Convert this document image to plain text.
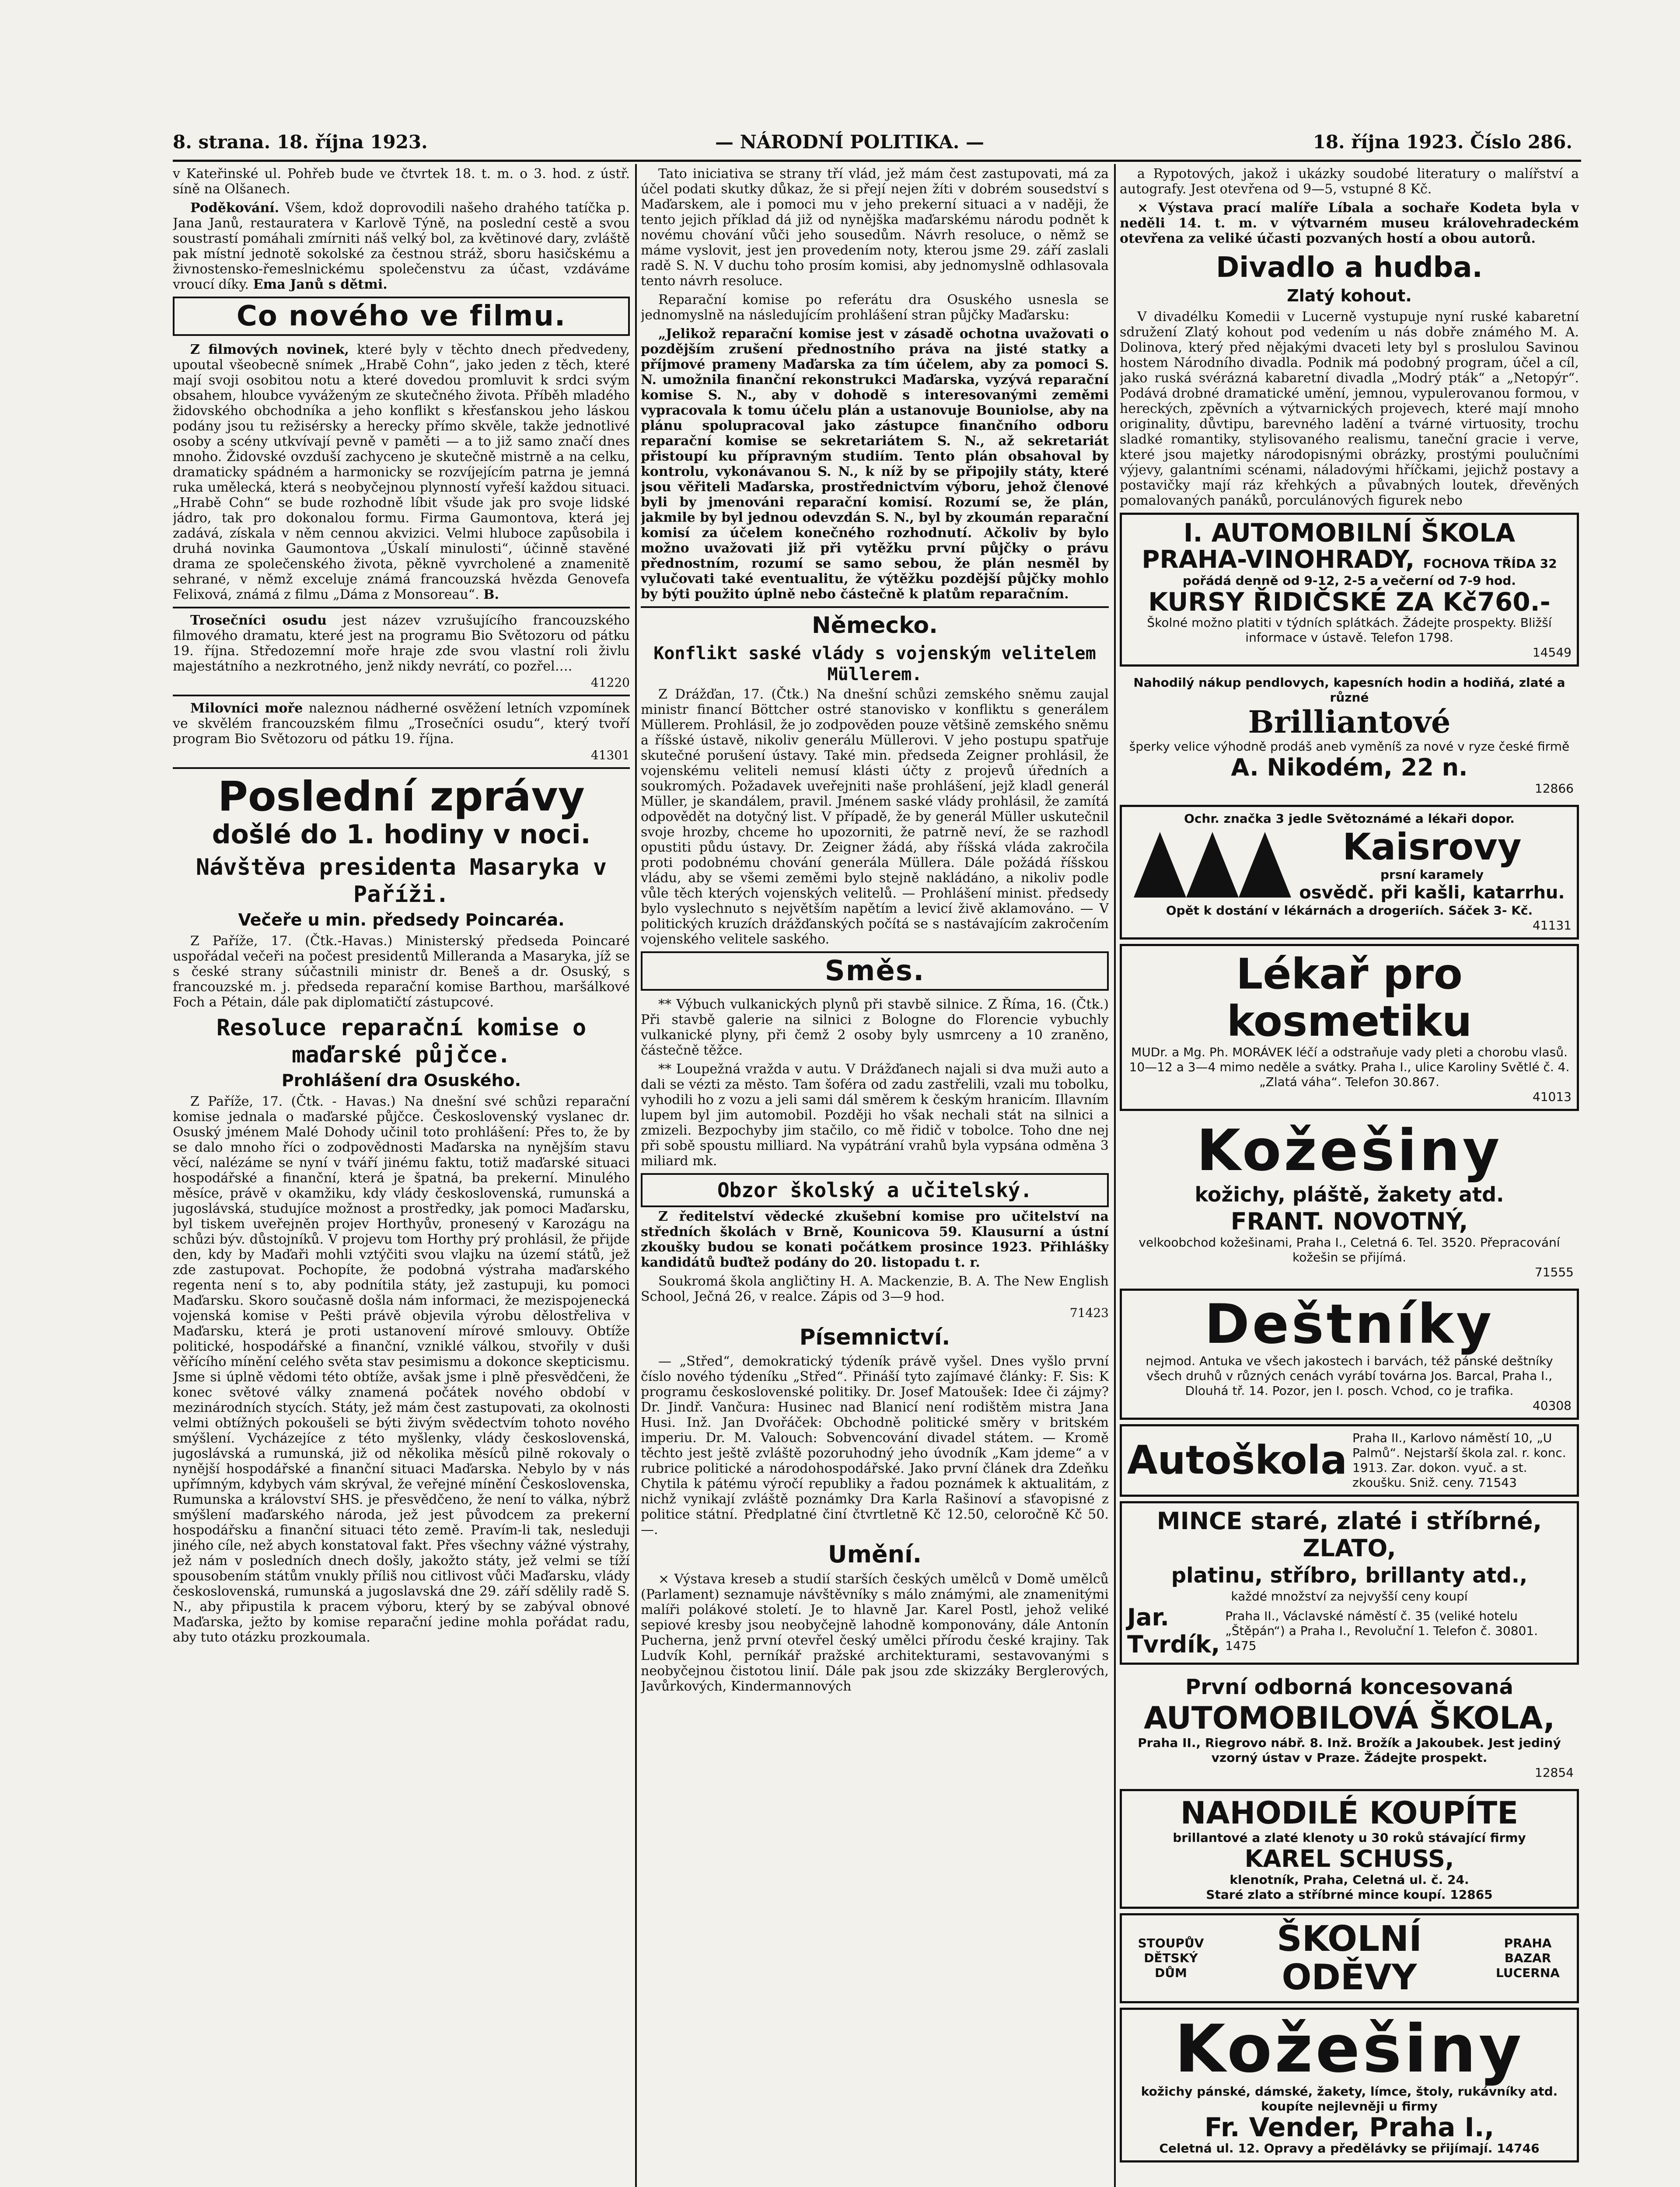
8. strana. 18. října 1923.	— NÁRODNÍ POLITIKA. —	18. října 1923. Číslo 286.

v Kateřinské ul. Pohřeb bude ve čtvrtek 18. t. m. o 3. hod. z ústř. síně na Olšanech.

Poděkování. Všem, kdož doprovodili našeho drahého tatíčka p. Jana Janů, restauratera v Karlově Týně, na poslední cestě a svou soustrastí pomáhali zmírniti náš velký bol, za květinové dary, zvláště pak místní jednotě sokolské za čestnou stráž, sboru hasičskému a živnostensko-řemeslnickému společenstvu za účast, vzdáváme vroucí díky. Ema Janů s dětmi.

Co nového ve filmu.

Z filmových novinek, které byly v těchto dnech předvedeny, upoutal všeobecně snímek „Hrabě Cohn“, jako jeden z těch, které mají svoji osobitou notu a které dovedou promluvit k srdci svým obsahem, hloubce vyváženým ze skutečného života. Příběh mladého židovského obchodníka a jeho konflikt s křesťanskou jeho láskou podány jsou tu režisérsky a herecky přímo skvěle, takže jednotlivé osoby a scény utkvívají pevně v paměti — a to již samo značí dnes mnoho. Židovské ovzduší zachyceno je skutečně mistrně a na celku, dramaticky spádném a harmonicky se rozvíjejícím patrna je jemná ruka umělecká, která s neobyčejnou plynností vyřeší každou situaci. „Hrabě Cohn“ se bude rozhodně líbit všude jak pro svoje lidské jádro, tak pro dokonalou formu. Firma Gaumontova, která jej zadává, získala v něm cennou akvizici. Velmi hluboce zapůsobila i druhá novinka Gaumontova „Úskalí minulosti“, účinně stavěné drama ze společenského života, pěkně vyvrcholené a znamenitě sehrané, v němž exceluje známá francouzská hvězda Genovefa Felixová, známá z filmu „Dáma z Monsoreau“. B.

Trosečníci osudu jest název vzrušujícího francouzského filmového dramatu, které jest na programu Bio Světozoru od pátku 19. října. Středozemní moře hraje zde svou vlastní roli živlu majestátního a nezkrotného, jenž nikdy nevrátí, co pozřel….

41220

Milovníci moře naleznou nádherné osvěžení letních vzpomínek ve skvělém francouzském filmu „Trosečníci osudu“, který tvoří program Bio Světozoru od pátku 19. října.

41301

Poslední zprávy
došlé do 1. hodiny v noci.
Návštěva presidenta Masaryka v Paříži.
Večeře u min. předsedy Poincaréa.

Z Paříže, 17. (Čtk.-Havas.) Ministerský předseda Poincaré uspořádal večeři na počest presidentů Millerandа a Masaryka, jíž se s české strany súčastnili ministr dr. Beneš a dr. Osuský, s francouzské m. j. předseda reparační komise Barthou, maršálkové Foch a Pétain, dále pak diplomatičtí zástupcové.

Resoluce reparační komise o maďarské půjčce.
Prohlášení dra Osuského.

Z Paříže, 17. (Čtk. - Havas.) Na dnešní své schůzi reparační komise jednala o maďarské půjčce. Československý vyslanec dr. Osuský jménem Malé Dohody učinil toto prohlášení: Přes to, že by se dalo mnoho říci o zodpovědnosti Maďarska na nynějším stavu věcí, nalézáme se nyní v tváří jinému faktu, totiž maďarské situaci hospodářské a finanční, která je špatná, ba prekerní. Minulého měsíce, právě v okamžiku, kdy vlády československá, rumunská a jugoslávská, studujíce možnost a prostředky, jak pomoci Maďarsku, byl tiskem uveřejněn projev Horthyův, pronesený v Karozágu na schůzi býv. důstojníků. V projevu tom Horthy prý prohlásil, že přijde den, kdy by Maďaři mohli vztýčiti svou vlajku na území států, jež zde zastupovat. Pochopíte, že podobná výstraha maďarského regenta není s to, aby podnítila státy, jež zastupuji, ku pomoci Maďarsku. Skoro současně došla nám informaci, že mezispojenecká vojenská komise v Pešti právě objevila výrobu dělostřeliva v Maďarsku, která je proti ustanovení mírové smlouvy. Obtíže politické, hospodářské a finanční, vzniklé válkou, stvořily v duši věřícího mínění celého světa stav pesimismu a dokonce skepticismu. Jsme si úplně vědomi této obtíže, avšak jsme i plně přesvědčeni, že konec světové války znamená počátek nového období v mezinárodních stycích. Státy, jež mám čest zastupovati, za okolnosti velmi obtížných pokoušeli se býti živým svědectvím tohoto nového smýšlení. Vycházejíce z této myšlenky, vlády československá, jugoslávská a rumunská, již od několika měsíců pilně rokovaly o nynější hospodářské a finanční situaci Maďarska. Nebylo by v nás upřímným, kdybych vám skrýval, že veřejné mínění Československa, Rumunska a království SHS. je přesvědčeno, že není to válka, nýbrž smýšlení maďarského národa, jež jest původcem za prekerní hospodářsku a finanční situaci této země. Pravím-li tak, nesleduji jiného cíle, než abych konstatoval fakt. Přes všechny vážné výstrahy, jež nám v posledních dnech došly, jakožto státy, jež velmi se tíží spousobením státům vnukly příliš nou citlivost vůči Maďarsku, vlády československá, rumunská a jugoslavská dne 29. září sdělily radě S. N., aby připustila k pracem výboru, který by se zabýval obnové Maďarska, ježto by komise reparační jedine mohla pořádat radu, aby tuto otázku prozkoumala.

Tato iniciativa se strany tří vlád, jež mám čest zastupovati, má za účel podati skutky důkaz, že si přejí nejen žíti v dobrém sousedství s Maďarskem, ale i pomoci mu v jeho prekerní situaci a v naději, že tento jejich příklad dá již od nynějška maďarskému národu podnět k novému chování vůči jeho sousedům. Návrh resoluce, o němž se máme vyslovit, jest jen provedením noty, kterou jsme 29. září zaslali radě S. N. V duchu toho prosím komisi, aby jednomyslně odhlasovala tento návrh resoluce.

Reparační komise po referátu dra Osuského usnesla se jednomyslně na následujícím prohlášení stran půjčky Maďarsku:

„Jelikož reparační komise jest v zásadě ochotna uvažovati o pozdějším zrušení přednostního práva na jisté statky a příjmové prameny Maďarska za tím účelem, aby za pomoci S. N. umožnila finanční rekonstrukci Maďarska, vyzývá reparační komise S. N., aby v dohodě s interesovanými zeměmi vypracovala k tomu účelu plán a ustanovuje Bouniolse, aby na plánu spolupracoval jako zástupce finančního odboru reparační komise se sekretariátem S. N., až sekretariát přistoupí ku přípravným studiím. Tento plán obsahoval by kontrolu, vykonávanou S. N., k níž by se připojily státy, které jsou věřiteli Maďarska, prostřednictvím výboru, jehož členové byli by jmenováni reparační komisí. Rozumí se, že plán, jakmile by byl jednou odevzdán S. N., byl by zkoumán reparační komisí za účelem konečného rozhodnutí. Ačkoliv by bylo možno uvažovati již při vytěžku první půjčky o právu přednostním, rozumí se samo sebou, že plán nesměl by vylučovati také eventualitu, že výtěžku pozdější půjčky mohlo by býti použito úplně nebo částečně k platům reparačním.

Německo.
Konflikt saské vlády s vojenským velitelem Müllerem.

Z Drážďan, 17. (Čtk.) Na dnešní schůzi zemského sněmu zaujal ministr financí Böttcher ostré stanovisko v konfliktu s generálem Müllerem. Prohlásil, že jo zodpověden pouze většině zemského sněmu a říšské ústavě, nikoliv generálu Müllerovi. V jeho postupu spatřuje skutečné porušení ústavy. Také min. předseda Zeigner prohlásil, že vojenskému veliteli nemusí klásti účty z projevů úředních a soukromých. Požadavek uveřejniti naše prohlášení, jejž kladl generál Müller, je skandálem, pravil. Jménem saské vlády prohlásil, že zamítá odpovědět na dotyčný list. V případě, že by generál Müller uskutečnil svoje hrozby, chceme ho upozorniti, že patrně neví, že se razhodl opustiti půdu ústavy. Dr. Zeigner žádá, aby říšská vláda zakročila proti podobnému chování generála Müllera. Dále požádá říšskou vládu, aby se všemi zeměmi bylo stejně nakládáno, a nikoliv podle vůle těch kterých vojenských velitelů. — Prohlášení minist. předsedy bylo vyslechnuto s největším napětím a levicí živě aklamováno. — V politických kruzích drážďanských počítá se s nastávajícím zakročením vojenského velitele saského.

Směs.

** Výbuch vulkanických plynů při stavbě silnice. Z Říma, 16. (Čtk.) Při stavbě galerie na silnici z Bologne do Florencie vybuchly vulkanické plyny, při čemž 2 osoby byly usmrceny a 10 zraněno, částečně těžce.

** Loupežná vražda v autu. V Drážďanech najali si dva muži auto a dali se vézti za město. Tam šoféra od zadu zastřelili, vzali mu tobolku, vyhodili ho z vozu a jeli sami dál směrem k českým hranicím. Illavním lupem byl jim automobil. Později ho však nechali stát na silnici a zmizeli. Bezpochyby jim stačilo, co mě řidič v tobolce. Toho dne nej při sobě spoustu milliard. Na vypátrání vrahů byla vypsána odměna 3 miliard mk.

Obzor školský a učitelský.

Z ředitelství vědecké zkušební komise pro učitelství na středních školách v Brně, Kounicova 59. Klausurní a ústní zkoušky budou se konati počátkem prosince 1923. Přihlášky kandidátů buďtež podány do 20. listopadu t. r.

Soukromá škola angličtiny H. A. Mackenzie, B. A. The New English School, Ječná 26, v realce. Zápis od 3—9 hod.

71423

Písemnictví.

— „Střed“, demokratický týdeník právě vyšel. Dnes vyšlo první číslo nového týdeníku „Střed“. Přináší tyto zajímavé články: F. Sis: K programu československé politiky. Dr. Josef Matoušek: Idee či zájmy? Dr. Jindř. Vančura: Husinec nad Blanicí není rodištěm mistra Jana Husi. Inž. Jan Dvořáček: Obchodně politické směry v britském imperiu. Dr. M. Valouch: Sobvencování divadel státem. — Kromě těchto jest ještě zvláště pozoruhodný jeho úvodník „Kam jdeme“ a v rubrice politické a národohospodářské. Jako první článek dra Zdeňku Chytila k pátému výročí republiky a řadou poznámek k aktualitám, z nichž vynikají zvláště poznámky Dra Karla Rašinoví a sťavopisné z politice státní. Předplatné činí čtvrtletně Kč 12.50, celoročně Kč 50.—.

Umění.

× Výstava kreseb a studií starších českých umělců v Domě umělců (Parlament) seznamuje návštěvníky s málo známými, ale znamenitými malíři polákové století. Je to hlavně Jar. Karel Postl, jehož veliké sepiové kresby jsou neobyčejně lahodně komponovány, dále Antonín Pucherna, jenž první otevřel český umělci přírodu české krajiny. Tak Ludvík Kohl, perníkář pražské architekturami, sestavovanými s neobyčejnou čistotou linií. Dále pak jsou zde skizzáky Berglerových, Javůrkových, Kindermannových

a Rypotových, jakož i ukázky soudobé literatury o malířství a autografy. Jest otevřena od 9—5, vstupné 8 Kč.

× Výstava prací malíře Líbala a sochaře Kodeta byla v neděli 14. t. m. v výtvarném museu královehradeckém otevřena za veliké účasti pozvaných hostí a obou autorů.

Divadlo a hudba.
Zlatý kohout.

V divadélku Komedii v Lucerně vystupuje nyní ruské kabaretní sdružení Zlatý kohout pod vedením u nás dobře známého M. A. Dolinova, který před nějakými dvaceti lety byl s proslulou Savinou hostem Národního divadla. Podnik má podobný program, účel a cíl, jako ruská svérázná kabaretní divadla „Modrý pták“ a „Netopýr“. Podává drobné dramatické umění, jemnou, vypulerovanou formou, v hereckých, zpěvních a výtvarnických projevech, které mají mnoho originality, důvtipu, barevného ladění a tvárné virtuosity, trochu sladké romantiky, stylisovaného realismu, taneční gracie i verve, které jsou majetky národopisnými obrázky, prostými poulučními výjevy, galantními scénami, náladovými hříčkami, jejichž postavy a postavičky mají ráz křehkých a půvabných loutek, dřevěných pomalovaných panáků, porculánových figurek nebo

I. AUTOMOBILNÍ ŠKOLA
PRAHA-VINOHRADY, FOCHOVA TŘÍDA 32
pořádá denně od 9-12, 2-5 a večerní od 7-9 hod.
KURSY ŘIDIČSKÉ ZA Kč760.-
Školné možno platiti v týdních splátkách. Žádejte prospekty. Bližší informace v ústavě. Telefon 1798.
14549
Nahodilý nákup pendlovych, kapesních hodin a hodiňá, zlaté a různé
Brilliantové
šperky velice výhodně prodáš aneb vyměníš za nové v ryze české firmě
A. Nikodém, 22 n.
12866
Ochr. značka 3 jedle Světoznámé a lékaři dopor.
Kaisrovy
prsní karamely
osvědč. při kašli, katarrhu.
Opět k dostání v lékárnách a drogeriích. Sáček 3- Kč.
41131
Lékař pro kosmetiku
MUDr. a Mg. Ph. MORÁVEK léčí a odstraňuje vady pleti a chorobu vlasů. 10—12 a 3—4 mimo neděle a svátky. Praha I., ulice Karoliny Světlé č. 4. „Zlatá váha“. Telefon 30.867.
41013
Kožešiny
kožichy, pláště, žakety atd.
FRANT. NOVOTNÝ,
velkoobchod kožešinami, Praha I., Celetná 6. Tel. 3520. Přepracování kožešin se přijímá.
71555
Deštníky
nejmod. Antuka ve všech jakostech i barvách, též pánské deštníky všech druhů v různých cenách vyrábí továrna Jos. Barcal, Praha I., Dlouhá tř. 14. Pozor, jen I. posch. Vchod, co je trafika.
40308
Autoškola Praha II., Karlovo náměstí 10, „U Palmů“. Nejstarší škola zal. r. konc. 1913. Zar. dokon. vyuč. a st. zkoušku. Sniž. ceny. 71543
MINCE staré, zlaté i stříbrné, ZLATO,
platinu, stříbro, brillanty atd.,
každé množství za nejvyšší ceny koupí
Jar. Tvrdík,
Praha II., Václavské náměstí č. 35 (veliké hotelu „Štěpán“) a Praha I., Revoluční 1. Telefon č. 30801. 1475
První odborná koncesovaná
AUTOMOBILOVÁ ŠKOLA,
Praha II., Riegrovo nábř. 8. Inž. Brožík a Jakoubek. Jest jediný vzorný ústav v Praze. Žádejte prospekt.
12854
NAHODILÉ KOUPÍTE
brillantové a zlaté klenoty u 30 roků stávající firmy
KAREL SCHUSS,
klenotník, Praha, Celetná ul. č. 24.
Staré zlato a stříbrné mince koupí. 12865
STOUPŮV DĚTSKÝ DŮM
ŠKOLNÍ
ODĚVY
PRAHA BAZAR LUCERNA
Kožešiny
kožichy pánské, dámské, žakety, límce, štoly, rukávníky atd. koupíte nejlevněji u firmy
Fr. Vender, Praha I.,
Celetná ul. 12. Opravy a předělávky se přijímají. 14746
